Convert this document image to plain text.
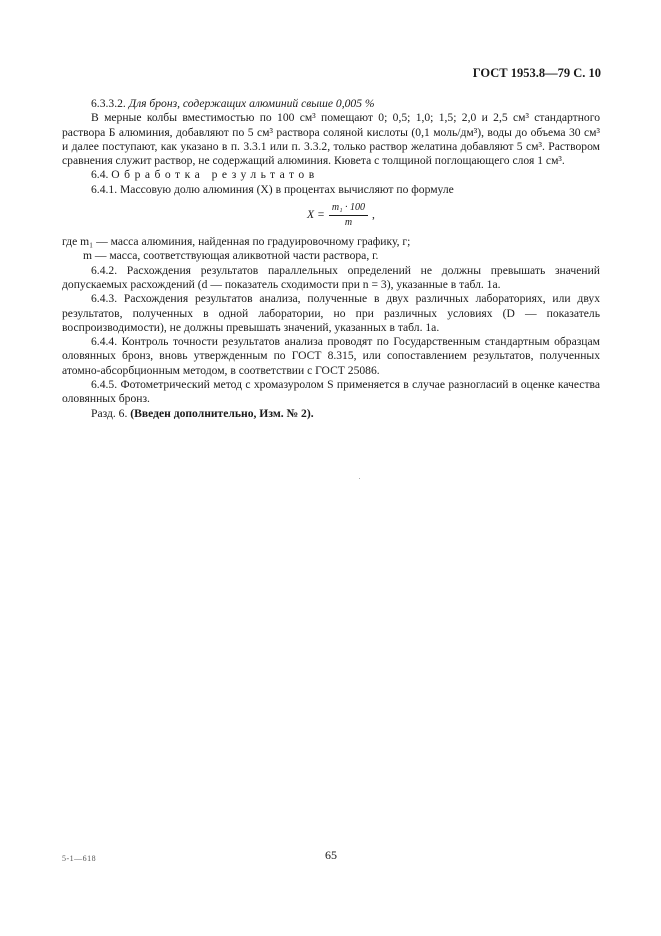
ГОСТ 1953.8—79 С. 10

6.3.3.2. Для бронз, содержащих алюминий свыше 0,005 %

В мерные колбы вместимостью по 100 см³ помещают 0; 0,5; 1,0; 1,5; 2,0 и 2,5 см³ стандартного раствора Б алюминия, добавляют по 5 см³ раствора соляной кислоты (0,1 моль/дм³), воды до объема 30 см³ и далее поступают, как указано в п. 3.3.1 или п. 3.3.2, только раствор желатина добавляют 5 см³. Раствором сравнения служит раствор, не содержащий алюминия. Кювета с толщиной поглощающего слоя 1 см³.

6.4. Обработка результатов

6.4.1. Массовую долю алюминия (X) в процентах вычисляют по формуле

$X = \frac{\text{m₁ · 100}}{m}$ ,

где m₁ — масса алюминия, найденная по градуировочному графику, г;

m — масса, соответствующая аликвотной части раствора, г.

6.4.2. Расхождения результатов параллельных определений не должны превышать значений допускаемых расхождений (d — показатель сходимости при n = 3), указанные в табл. 1а.

6.4.3. Расхождения результатов анализа, полученные в двух различных лабораториях, или двух результатов, полученных в одной лаборатории, но при различных условиях (D — показатель воспроизводимости), не должны превышать значений, указанных в табл. 1а.

6.4.4. Контроль точности результатов анализа проводят по Государственным стандартным образцам оловянных бронз, вновь утвержденным по ГОСТ 8.315, или сопоставлением результатов, полученных атомно-абсорбционным методом, в соответствии с ГОСТ 25086.

6.4.5. Фотометрический метод с хромазуролом S применяется в случае разногласий в оценке качества оловянных бронз.

Разд. 6. (Введен дополнительно, Изм. № 2).

5-1—618	65
